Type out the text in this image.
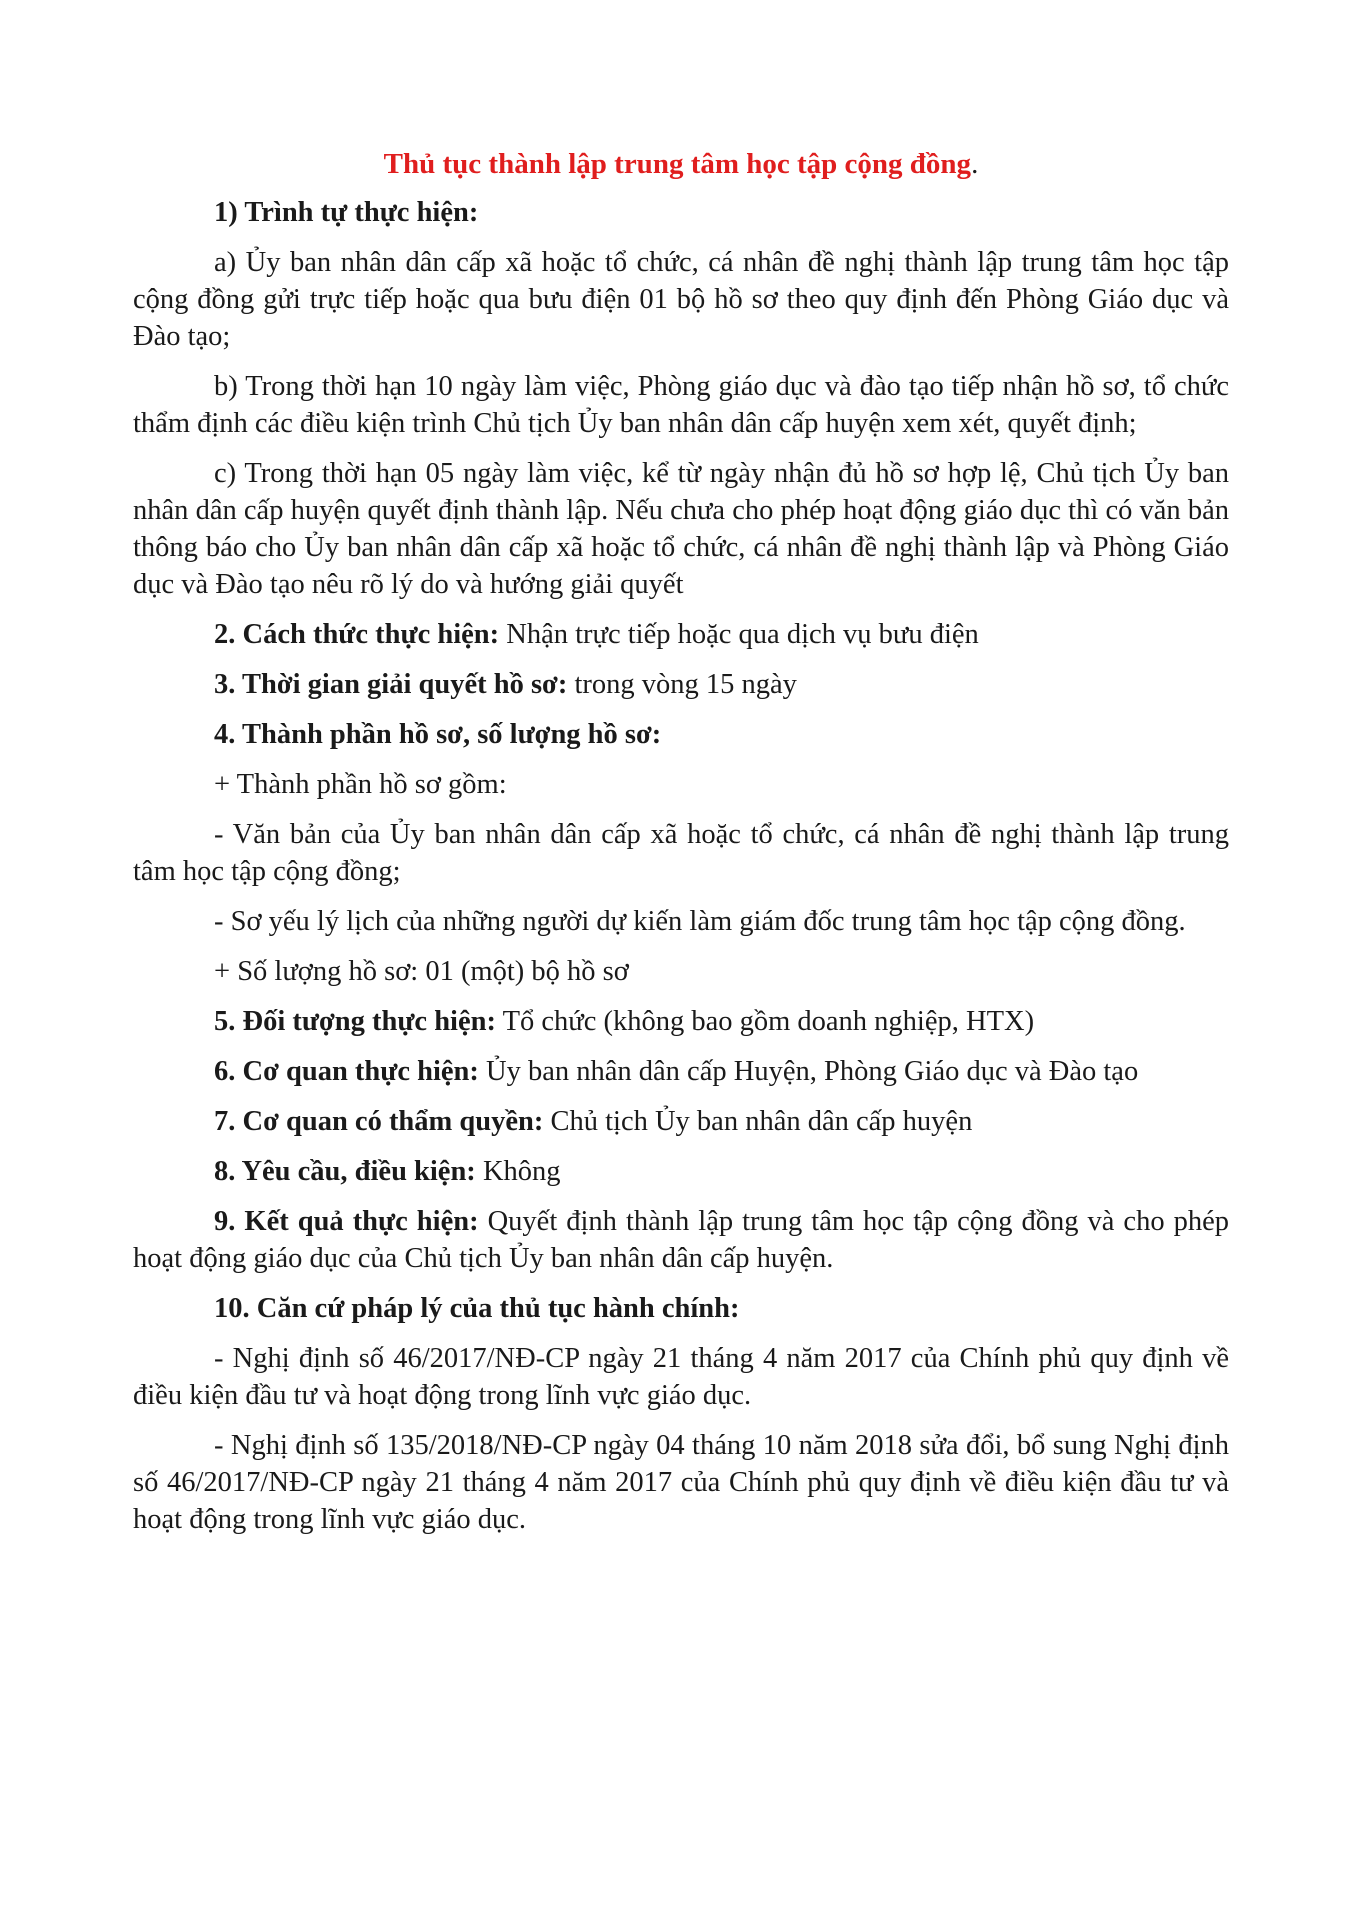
Thủ tục thành lập trung tâm học tập cộng đồng.

1) Trình tự thực hiện:

a) Ủy ban nhân dân cấp xã hoặc tổ chức, cá nhân đề nghị thành lập trung tâm học tập cộng đồng gửi trực tiếp hoặc qua bưu điện 01 bộ hồ sơ theo quy định đến Phòng Giáo dục và Đào tạo;

b) Trong thời hạn 10 ngày làm việc, Phòng giáo dục và đào tạo tiếp nhận hồ sơ, tổ chức thẩm định các điều kiện trình Chủ tịch Ủy ban nhân dân cấp huyện xem xét, quyết định;

c) Trong thời hạn 05 ngày làm việc, kể từ ngày nhận đủ hồ sơ hợp lệ, Chủ tịch Ủy ban nhân dân cấp huyện quyết định thành lập. Nếu chưa cho phép hoạt động giáo dục thì có văn bản thông báo cho Ủy ban nhân dân cấp xã hoặc tổ chức, cá nhân đề nghị thành lập và Phòng Giáo dục và Đào tạo nêu rõ lý do và hướng giải quyết

2. Cách thức thực hiện: Nhận trực tiếp hoặc qua dịch vụ bưu điện

3. Thời gian giải quyết hồ sơ: trong vòng 15 ngày

4. Thành phần hồ sơ, số lượng hồ sơ:

+ Thành phần hồ sơ gồm:

- Văn bản của Ủy ban nhân dân cấp xã hoặc tổ chức, cá nhân đề nghị thành lập trung tâm học tập cộng đồng;

- Sơ yếu lý lịch của những người dự kiến làm giám đốc trung tâm học tập cộng đồng.

+ Số lượng hồ sơ: 01 (một) bộ hồ sơ

5. Đối tượng thực hiện: Tổ chức (không bao gồm doanh nghiệp, HTX)

6. Cơ quan thực hiện: Ủy ban nhân dân cấp Huyện, Phòng Giáo dục và Đào tạo

7. Cơ quan có thẩm quyền: Chủ tịch Ủy ban nhân dân cấp huyện

8. Yêu cầu, điều kiện: Không

9. Kết quả thực hiện: Quyết định thành lập trung tâm học tập cộng đồng và cho phép hoạt động giáo dục của Chủ tịch Ủy ban nhân dân cấp huyện.

10. Căn cứ pháp lý của thủ tục hành chính:

- Nghị định số 46/2017/NĐ-CP ngày 21 tháng 4 năm 2017 của Chính phủ quy định về điều kiện đầu tư và hoạt động trong lĩnh vực giáo dục.

- Nghị định số 135/2018/NĐ-CP ngày 04 tháng 10 năm 2018 sửa đổi, bổ sung Nghị định số 46/2017/NĐ-CP ngày 21 tháng 4 năm 2017 của Chính phủ quy định về điều kiện đầu tư và hoạt động trong lĩnh vực giáo dục.
